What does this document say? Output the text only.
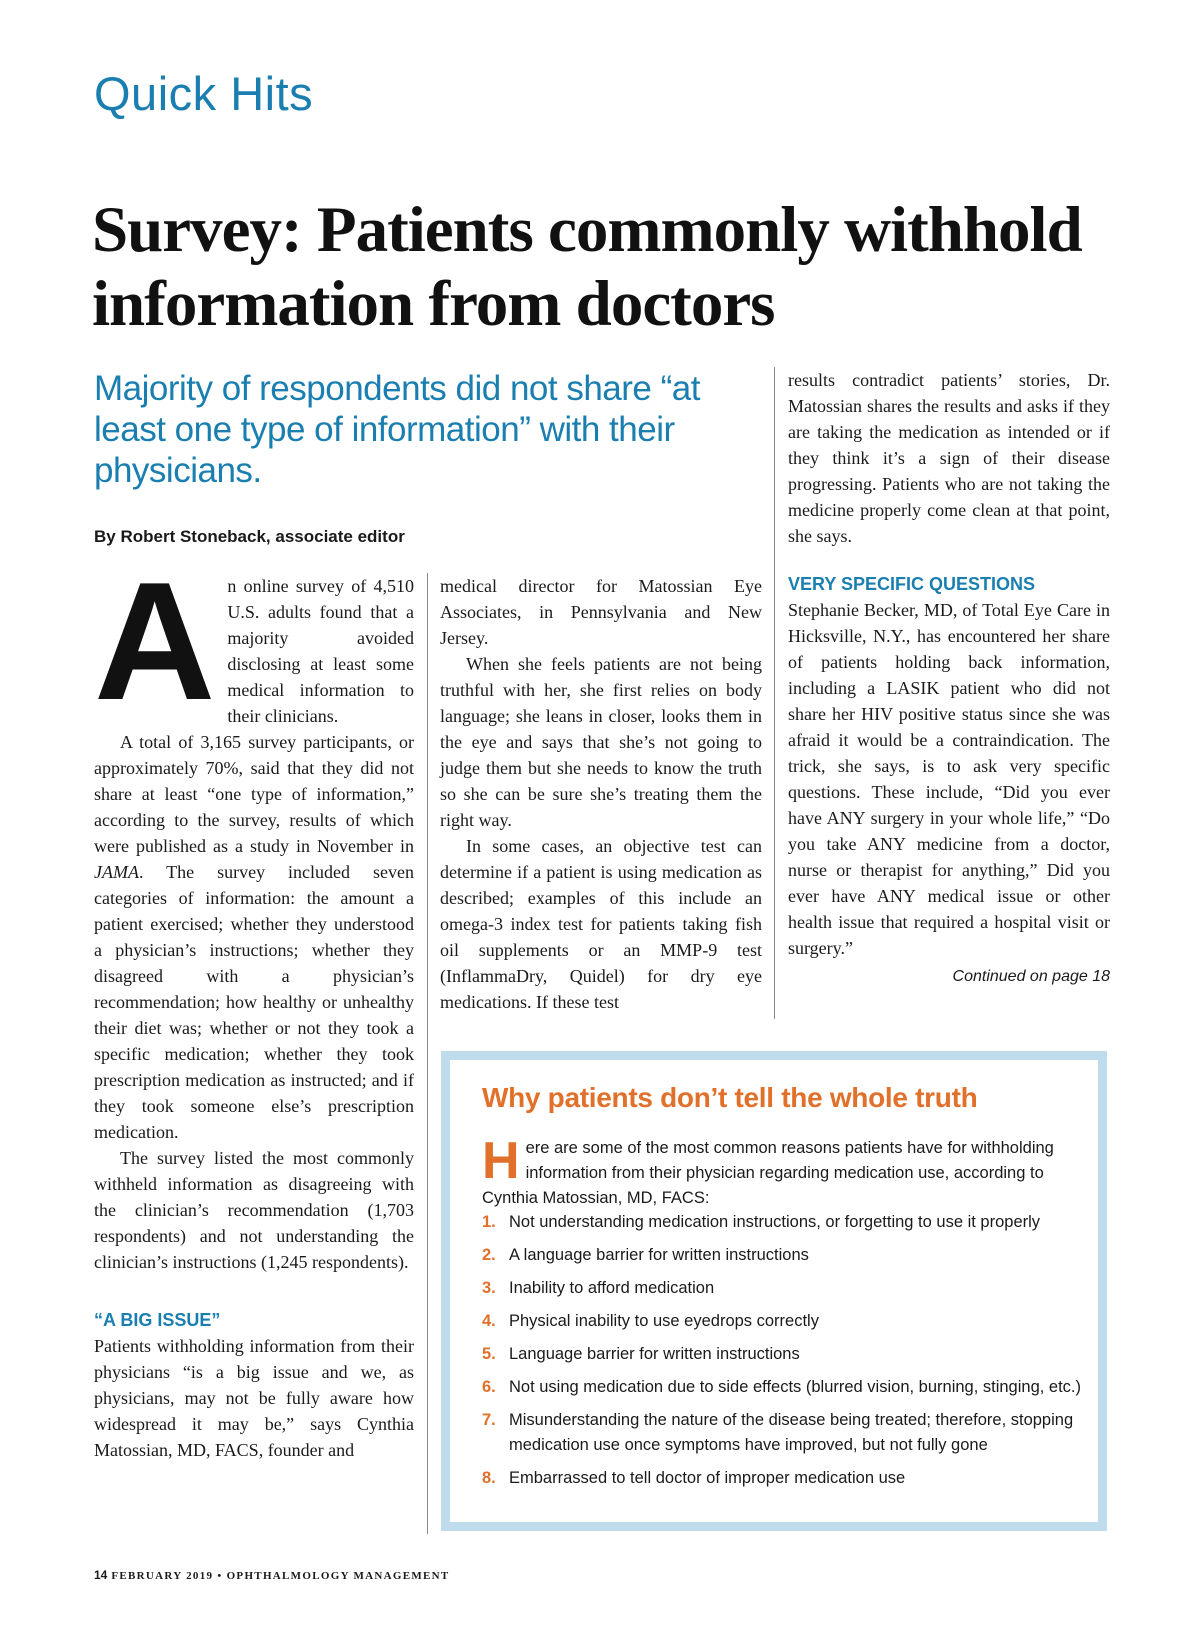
Quick Hits
Survey: Patients commonly withhold information from doctors
Majority of respondents did not share “at least one type of information” with their physicians.
By Robert Stoneback, associate editor

An online survey of 4,510 U.S. adults found that a majority avoided disclosing at least some medical information to their clinicians.

A total of 3,165 survey participants, or approximately 70%, said that they did not share at least “one type of information,” according to the survey, results of which were published as a study in November in JAMA. The survey included seven categories of information: the amount a patient exercised; whether they understood a physician’s instructions; whether they disagreed with a physician’s recommendation; how healthy or unhealthy their diet was; whether or not they took a specific medication; whether they took prescription medication as instructed; and if they took someone else’s prescription medication.

The survey listed the most commonly withheld information as disagreeing with the clinician’s recommendation (1,703 respondents) and not understanding the clinician’s instructions (1,245 respondents).

“A BIG ISSUE”

Patients withholding information from their physicians “is a big issue and we, as physicians, may not be fully aware how widespread it may be,” says Cynthia Matossian, MD, FACS, founder and

medical director for Matossian Eye Associates, in Pennsylvania and New Jersey.

When she feels patients are not being truthful with her, she first relies on body language; she leans in closer, looks them in the eye and says that she’s not going to judge them but she needs to know the truth so she can be sure she’s treating them the right way.

In some cases, an objective test can determine if a patient is using medication as described; examples of this include an omega-3 index test for patients taking fish oil supplements or an MMP-9 test (InflammaDry, Quidel) for dry eye medications. If these test

results contradict patients’ stories, Dr. Matossian shares the results and asks if they are taking the medication as intended or if they think it’s a sign of their disease progressing. Patients who are not taking the medicine properly come clean at that point, she says.

VERY SPECIFIC QUESTIONS

Stephanie Becker, MD, of Total Eye Care in Hicksville, N.Y., has encountered her share of patients holding back information, including a LASIK patient who did not share her HIV positive status since she was afraid it would be a contraindication. The trick, she says, is to ask very specific questions. These include, “Did you ever have ANY surgery in your whole life,” “Do you take ANY medicine from a doctor, nurse or therapist for anything,” Did you ever have ANY medical issue or other health issue that required a hospital visit or surgery.”

Continued on page 18
Why patients don’t tell the whole truth
Here are some of the most common reasons patients have for withholding information from their physician regarding medication use, according to Cynthia Matossian, MD, FACS:
1. Not understanding medication instructions, or forgetting to use it properly
2. A language barrier for written instructions
3. Inability to afford medication
4. Physical inability to use eyedrops correctly
5. Language barrier for written instructions
6. Not using medication due to side effects (blurred vision, burning, stinging, etc.)
7. Misunderstanding the nature of the disease being treated; therefore, stopping medication use once symptoms have improved, but not fully gone
8. Embarrassed to tell doctor of improper medication use
14 FEBRUARY 2019 • OPHTHALMOLOGY MANAGEMENT
